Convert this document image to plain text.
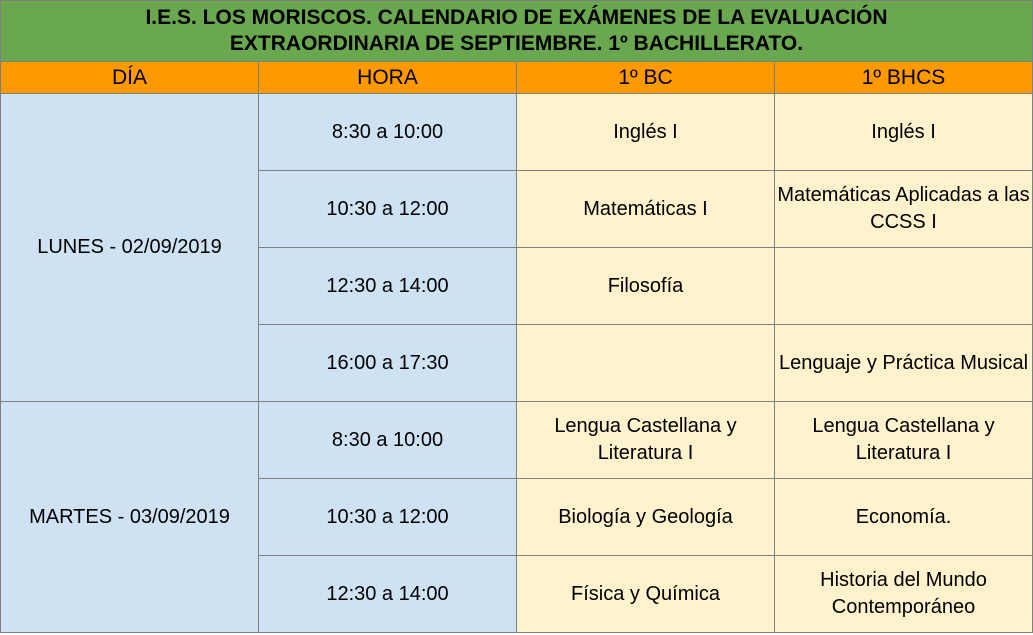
I.E.S. LOS MORISCOS. CALENDARIO DE EXÁMENES DE LA EVALUACIÓN
EXTRAORDINARIA DE SEPTIEMBRE. 1º BACHILLERATO.			

DÍA	HORA	1º BC	1º BHCS
LUNES - 02/09/2019	8:30 a 10:00	Inglés I	Inglés I
	10:30 a 12:00	Matemáticas I	Matemáticas Aplicadas a las CCSS I
	12:30 a 14:00	Filosofía	
	16:00 a 17:30		Lenguaje y Práctica Musical
MARTES - 03/09/2019	8:30 a 10:00	Lengua Castellana y Literatura I	Lengua Castellana y Literatura I
	10:30 a 12:00	Biología y Geología	Economía.
	12:30 a 14:00	Física y Química	Historia del Mundo Contemporáneo
